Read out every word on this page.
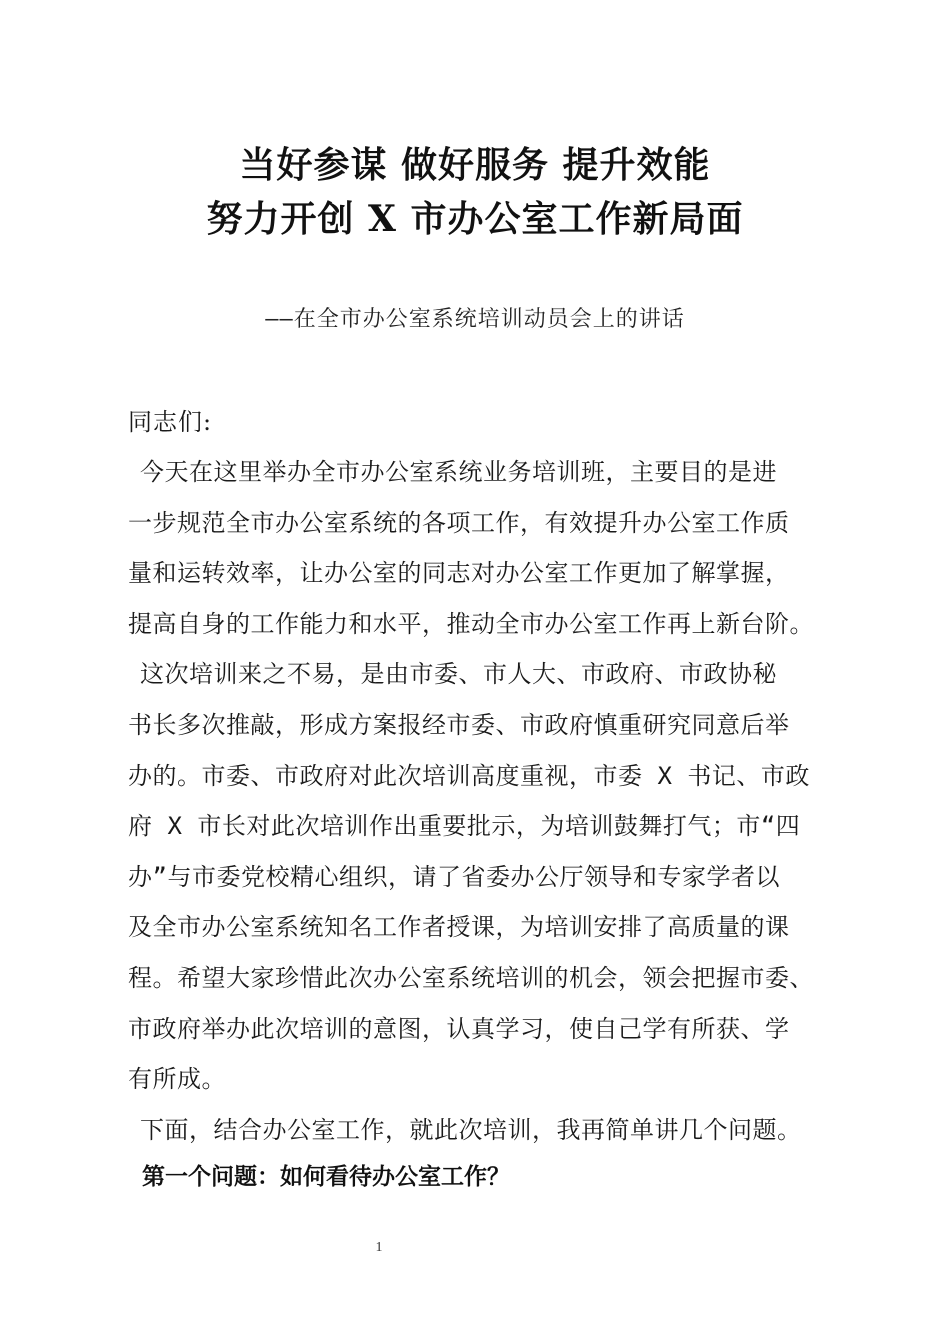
当好参谋 做好服务 提升效能
努力开创 X 市办公室工作新局面
——在全市办公室系统培训动员会上的讲话
同志们:
今天在这里举办全市办公室系统业务培训班，主要目的是进
一步规范全市办公室系统的各项工作，有效提升办公室工作质
量和运转效率，让办公室的同志对办公室工作更加了解掌握，
提高自身的工作能力和水平，推动全市办公室工作再上新台阶。
这次培训来之不易，是由市委、市人大、市政府、市政协秘
书长多次推敲，形成方案报经市委、市政府慎重研究同意后举
办的。市委、市政府对此次培训高度重视，市委 X 书记、市政
府 X 市长对此次培训作出重要批示，为培训鼓舞打气；市“四
办”与市委党校精心组织，请了省委办公厅领导和专家学者以
及全市办公室系统知名工作者授课，为培训安排了高质量的课
程。希望大家珍惜此次办公室系统培训的机会，领会把握市委、
市政府举办此次培训的意图，认真学习，使自己学有所获、学
有所成。
下面，结合办公室工作，就此次培训，我再简单讲几个问题。
第一个问题：如何看待办公室工作？
1
